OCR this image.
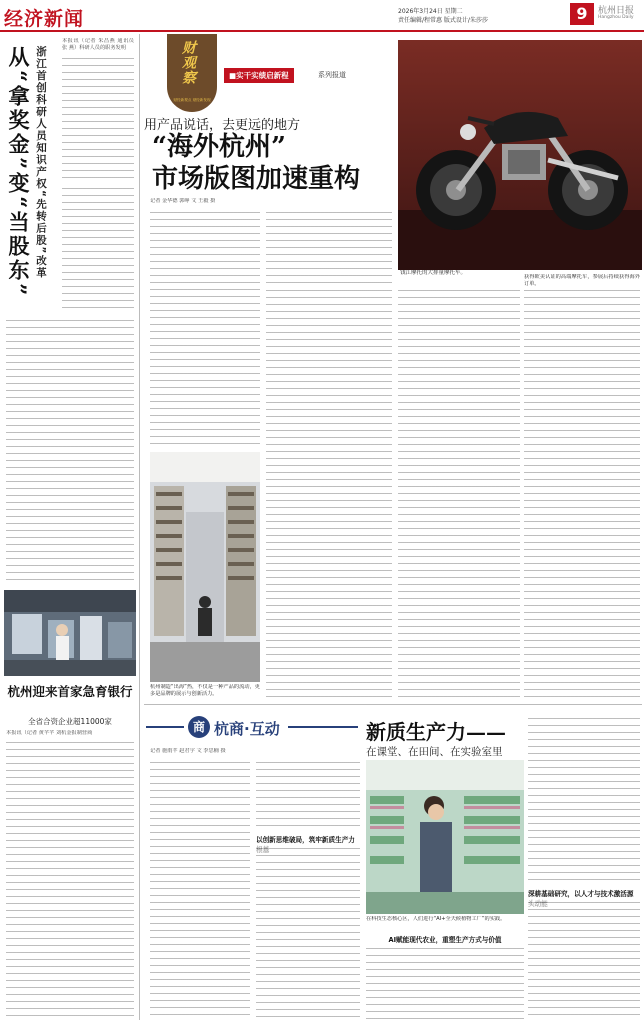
经济新闻	2026年3月24日 星期二
责任编辑/程常惠 版式设计/朱莎莎	9	杭州日报
Hangzhou Daily
从“拿奖金”变“当股东” 浙江首创科研人员知识产权“先转后股”改革
本报讯（记者 朱昌燕 通讯员 张 燕）科研人员的职务发明
杭州迎来首家急育银行
全省合资企业超11000家
本报讯（记者 黄芊芊 刘杭金报制营商
财观察
财经新观点 财经新发现
■实干实绩启新程	系列报道
用产品说话，去更远的地方
“海外杭州”
市场版图加速重构
钱江摩托的大排量摩托车。
记者 金华德 郭峥 文 王毅 摄
杭州制造“出海”热，不仅是一种产品的流动，更多是品牌的展示与创新活力。
获得欧美认证的高端摩托车，参展后持续获得海外订单。
商 杭商·互动
记者 施雨芊 赵君宇 文 李思楠 摄
以创新思维破局，筑牢新质生产力
新质生产力——
在课堂、在田间、在实验室里
在科技生态核心区，人们进行“AI+全天候植物工厂”的实践。
AI赋能现代农业，重塑生产方式与价值
深耕基础研究，以人才与技术激活源
